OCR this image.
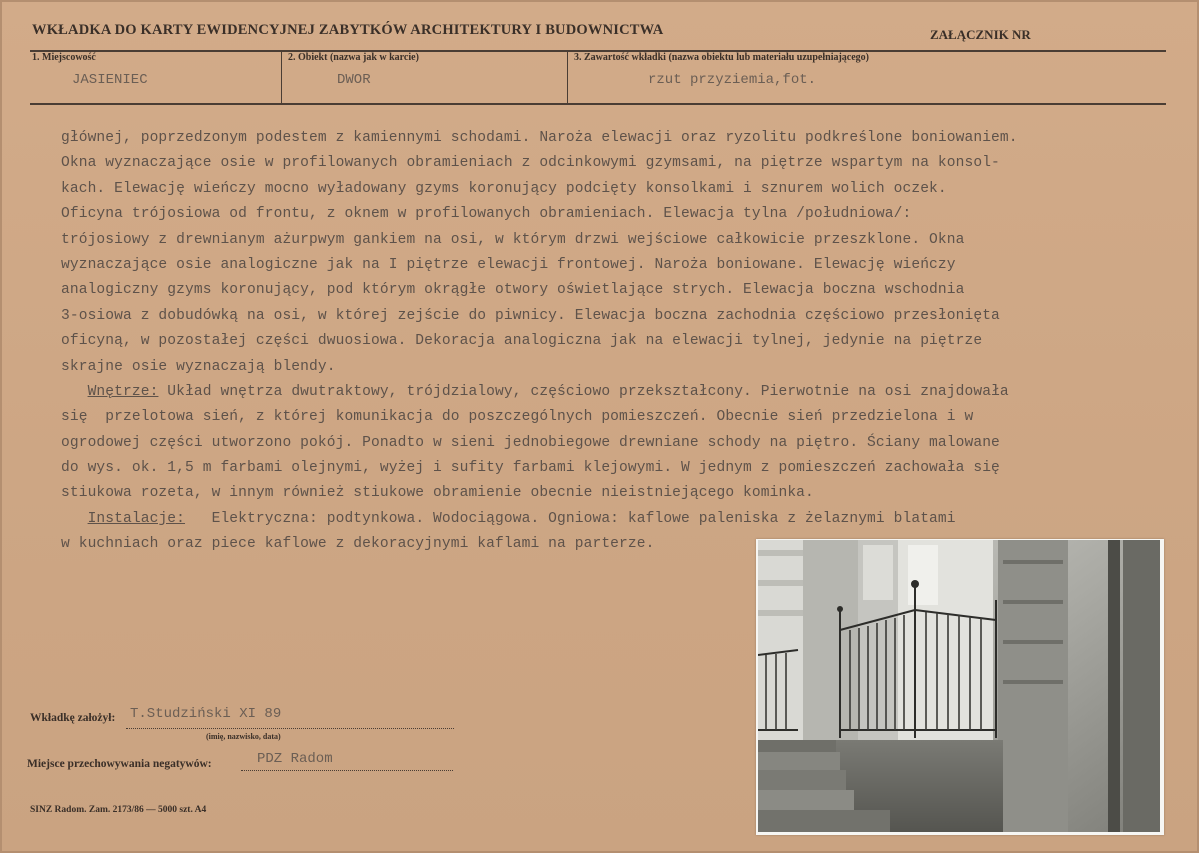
WKŁADKA DO KARTY EWIDENCYJNEJ ZABYTKÓW ARCHITEKTURY I BUDOWNICTWA	ZAŁĄCZNIK NR
1. Miejscowość
JASIENIEC
2. Obiekt (nazwa jak w karcie)
DWOR
3. Zawartość wkładki (nazwa obiektu lub materiału uzupełniającego)
rzut przyziemia,fot.
głównej, poprzedzonym podestem z kamiennymi schodami. Naroża elewacji oraz ryzolitu podkreślone boniowaniem.
Okna wyznaczające osie w profilowanych obramieniach z odcinkowymi gzymsami, na piętrze wspartym na konsol-
kach. Elewację wieńczy mocno wyładowany gzyms koronujący podcięty konsolkami i sznurem wolich oczek.
Oficyna trójosiowa od frontu, z oknem w profilowanych obramieniach. Elewacja tylna /południowa/:
trójosiowy z drewnianym ażurpwym gankiem na osi, w którym drzwi wejściowe całkowicie przeszklone. Okna
wyznaczające osie analogiczne jak na I piętrze elewacji frontowej. Naroża boniowane. Elewację wieńczy
analogiczny gzyms koronujący, pod którym okrągłe otwory oświetlające strych. Elewacja boczna wschodnia
3-osiowa z dobudówką na osi, w której zejście do piwnicy. Elewacja boczna zachodnia częściowo przesłonięta
oficyną, w pozostałej części dwuosiowa. Dekoracja analogiczna jak na elewacji tylnej, jedynie na piętrze
skrajne osie wyznaczają blendy.
Wnętrze: Układ wnętrza dwutraktowy, trójdzialowy, częściowo przekształcony. Pierwotnie na osi znajdowała
się  przelotowa sień, z której komunikacja do poszczególnych pomieszczeń. Obecnie sień przedzielona i w
ogrodowej części utworzono pokój. Ponadto w sieni jednobiegowe drewniane schody na piętro. Ściany malowane
do wys. ok. 1,5 m farbami olejnymi, wyżej i sufity farbami klejowymi. W jednym z pomieszczeń zachowała się
stiukowa rozeta, w innym również stiukowe obramienie obecnie nieistniejącego kominka.
Instalacje:   Elektryczna: podtynkowa. Wodociągowa. Ogniowa: kaflowe paleniska z żelaznymi blatami
w kuchniach oraz piece kaflowe z dekoracyjnymi kaflami na parterze.
Wkładkę założył: T.Studziński XI 89
(imię, nazwisko, data)
Miejsce przechowywania negatywów:	PDZ Radom
SINZ Radom. Zam. 2173/86 — 5000 szt. A4
